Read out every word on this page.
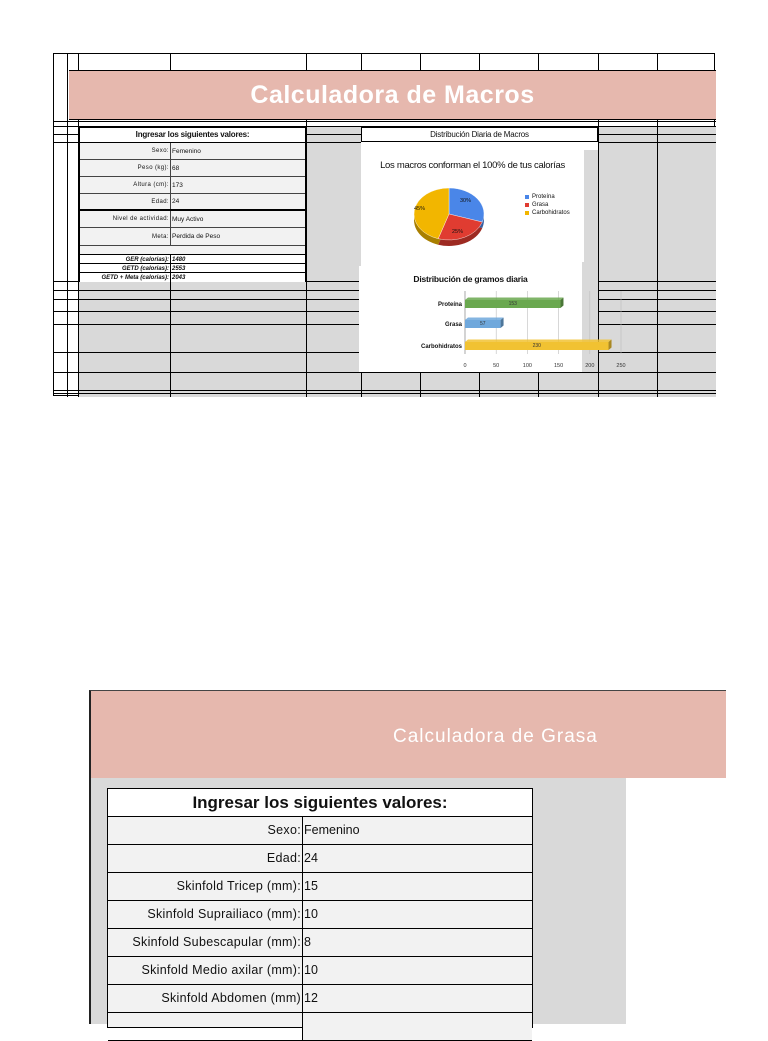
Calculadora de Macros
Ingresar los siguientes valores:
Sexo: Femenino
Peso (kg): 68
Altura (cm): 173
Edad: 24
Nivel de actividad: Muy Activo
Meta: Perdida de Peso
GER (calorias): 1480
GETD (calorias): 2553
GETD + Meta (calorias): 2043
Distribución Diaria de Macros
Los macros conforman el 100% de tus calorías
30%
25%
45%
Proteína
Grasa
Carbohidratos
Distribución de gramos diaria
0	50	100	150	200	250
153
Proteína
57
Grasa
230
Carbohidratos
Calculadora de Grasa
Ingresar los siguientes valores:
Sexo: Femenino
Edad: 24
Skinfold Tricep (mm): 15
Skinfold Suprailiaco (mm): 10
Skinfold Subescapular (mm): 8
Skinfold Medio axilar (mm): 10
Skinfold Abdomen (mm) 12
